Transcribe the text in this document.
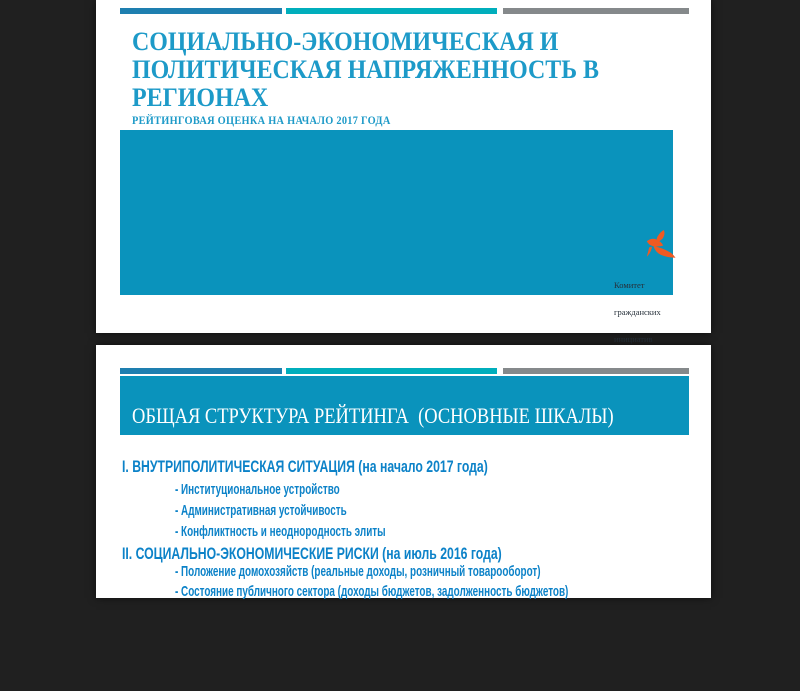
СОЦИАЛЬНО-ЭКОНОМИЧЕСКАЯ И
ПОЛИТИЧЕСКАЯ НАПРЯЖЕННОСТЬ В
РЕГИОНАХ
РЕЙТИНГОВАЯ ОЦЕНКА НА НАЧАЛО 2017 ГОДА

Комитет

гражданских

инициатив

ОБЩАЯ СТРУКТУРА РЕЙТИНГА  (ОСНОВНЫЕ ШКАЛЫ)
I. ВНУТРИПОЛИТИЧЕСКАЯ СИТУАЦИЯ (на начало 2017 года)
- Институциональное устройство
- Административная устойчивость
- Конфликтность и неоднородность элиты
II. СОЦИАЛЬНО-ЭКОНОМИЧЕСКИЕ РИСКИ (на июль 2016 года)
- Положение домохозяйств (реальные доходы, розничный товарооборот)
- Состояние публичного сектора (доходы бюджетов, задолженность бюджетов)
